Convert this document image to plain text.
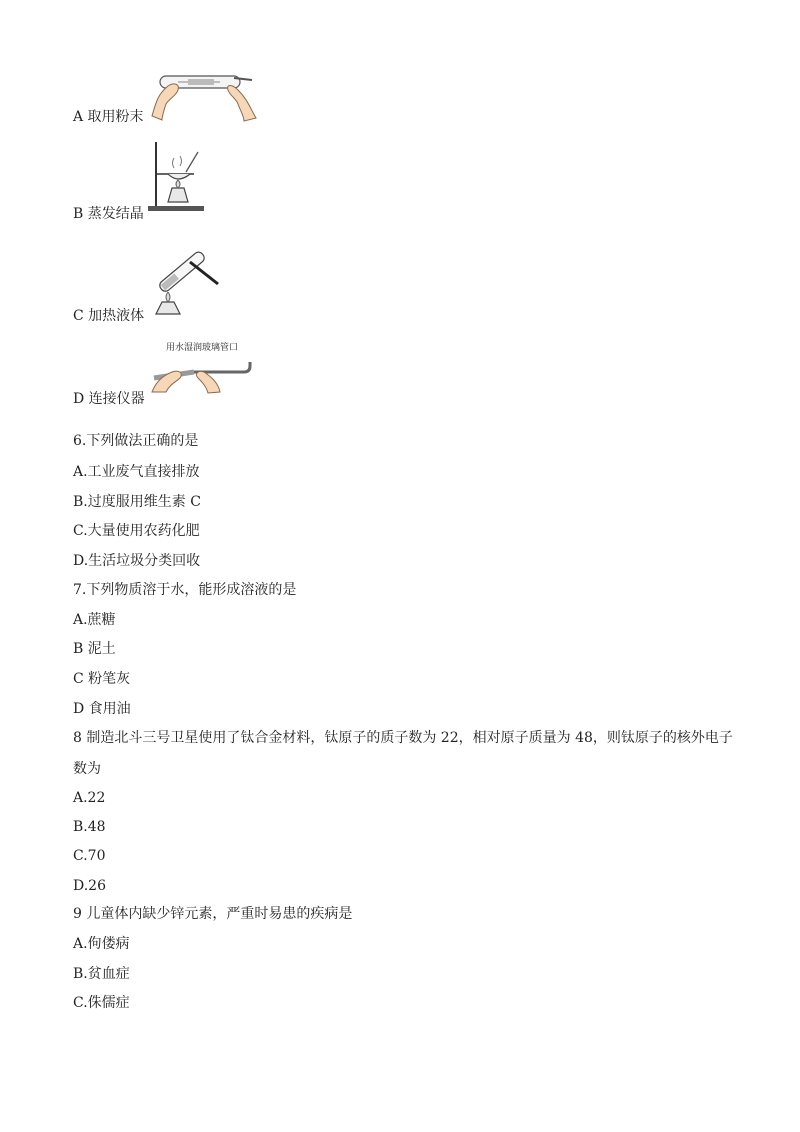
A 取用粉末
B 蒸发结晶
C 加热液体
用水湿润玻璃管口
D 连接仪器
6.下列做法正确的是
A.工业废气直接排放
B.过度服用维生素 C
C.大量使用农药化肥
D.生活垃圾分类回收
7.下列物质溶于水，能形成溶液的是
A.蔗糖
B 泥土
C 粉笔灰
D 食用油
8 制造北斗三号卫星使用了钛合金材料，钛原子的质子数为 22，相对原子质量为 48，则钛原子的核外电子
数为
A.22
B.48
C.70
D.26
9 儿童体内缺少锌元素，严重时易患的疾病是
A.佝偻病
B.贫血症
C.侏儒症
